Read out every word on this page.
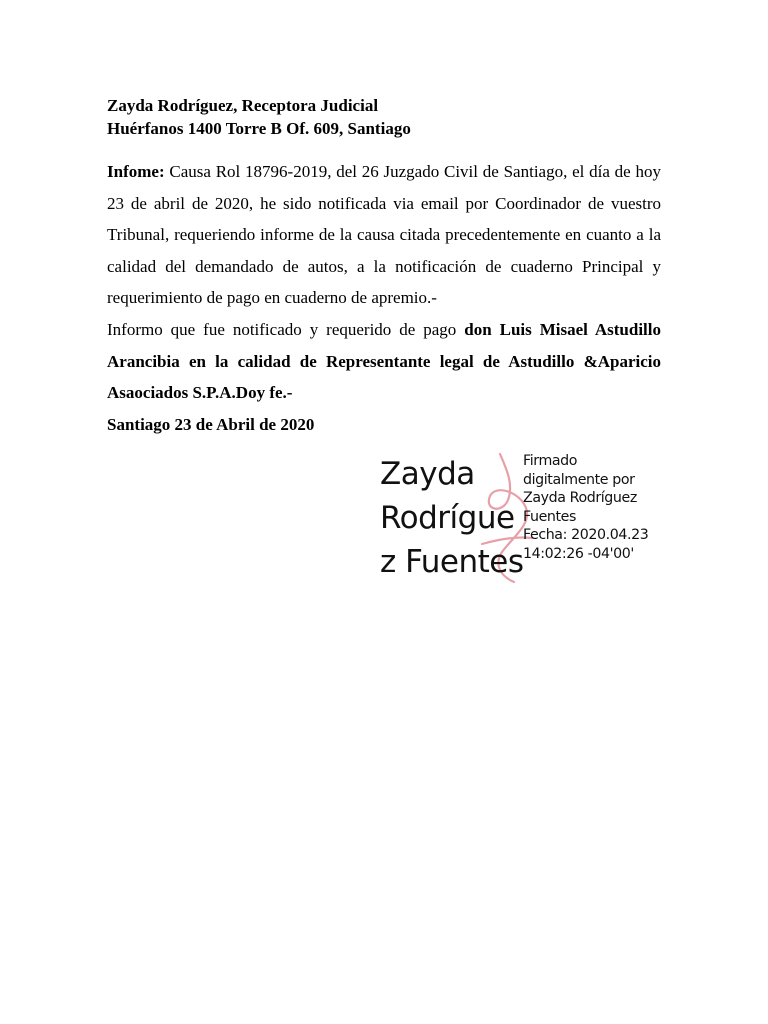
Zayda Rodríguez, Receptora Judicial
Huérfanos 1400 Torre B Of. 609, Santiago

Infome: Causa Rol 18796-2019, del 26 Juzgado Civil de Santiago, el día de hoy 23 de abril de 2020, he sido notificada via email por Coordinador de vuestro Tribunal, requeriendo informe de la causa citada precedentemente en cuanto a la calidad del demandado de autos, a la notificación de cuaderno Principal y requerimiento de pago en cuaderno de apremio.-

Informo que fue notificado y requerido de pago don Luis Misael Astudillo Arancibia en la calidad de Representante legal de Astudillo &Aparicio Asaociados S.P.A.Doy fe.-

Santiago 23 de Abril de 2020

Zayda
Rodrígue
z Fuentes
Firmado
digitalmente por
Zayda Rodríguez
Fuentes
Fecha: 2020.04.23
14:02:26 -04'00'
